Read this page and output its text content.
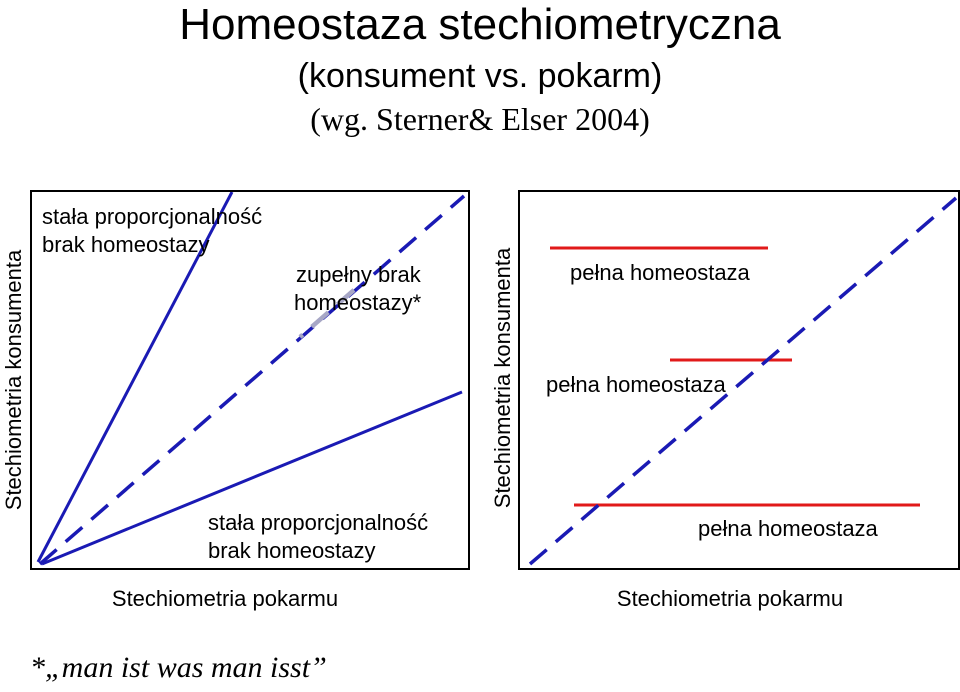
Homeostaza stechiometryczna
(konsument vs. pokarm)
(wg. Sterner& Elser 2004)
Stechiometria konsumenta
stała proporcjonalność
brak homeostazy
zupełny brak
homeostazy*
stała proporcjonalność
brak homeostazy
Stechiometria pokarmu
Stechiometria konsumenta	pełna homeostaza
pełna homeostaza
pełna homeostaza
Stechiometria pokarmu
*„man ist was man isst”
